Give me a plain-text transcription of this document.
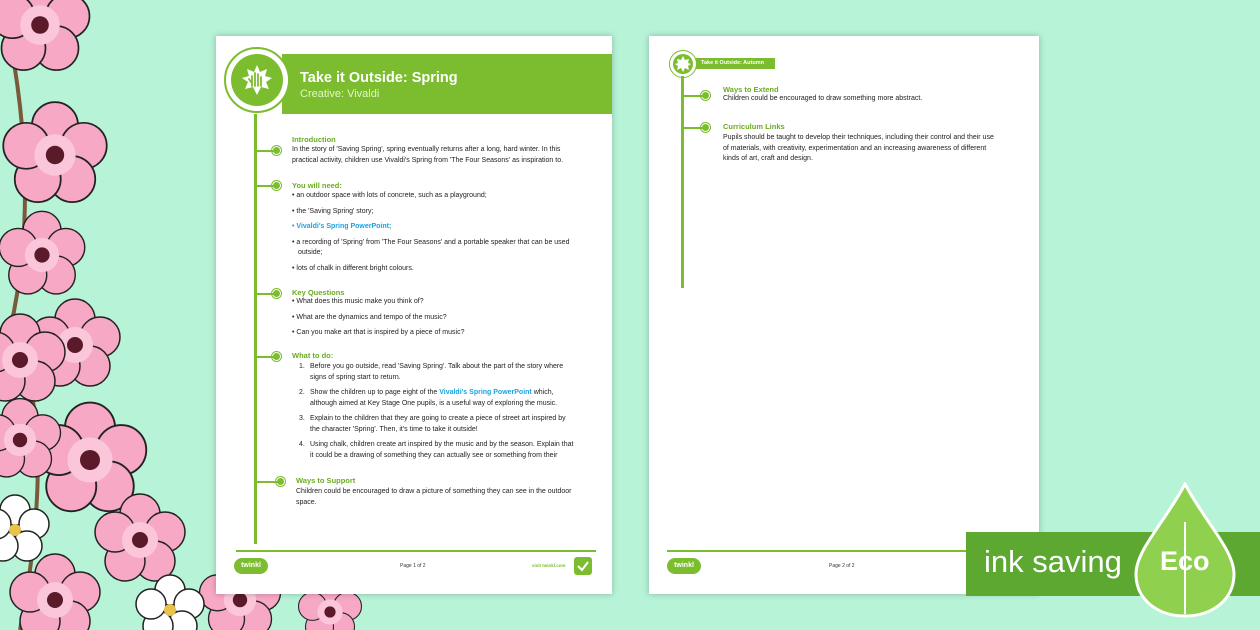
Take it Outside: Spring
Creative: Vivaldi
Introduction
In the story of 'Saving Spring', spring eventually returns after a long, hard winter. In this
practical activity, children use Vivaldi's Spring from 'The Four Seasons' as inspiration to.
You will need:
• an outdoor space with lots of concrete, such as a playground;
• the 'Saving Spring' story;
• Vivaldi's Spring PowerPoint;
• a recording of 'Spring' from 'The Four Seasons' and a portable speaker that can be used
outside;
• lots of chalk in different bright colours.
Key Questions
• What does this music make you think of?
• What are the dynamics and tempo of the music?
• Can you make art that is inspired by a piece of music?
What to do:
1. Before you go outside, read 'Saving Spring'. Talk about the part of the story where
signs of spring start to return.
2. Show the children up to page eight of the Vivaldi's Spring PowerPoint which,
although aimed at Key Stage One pupils, is a useful way of exploring the music.
3. Explain to the children that they are going to create a piece of street art inspired by
the character 'Spring'. Then, it's time to take it outside!
4. Using chalk, children create art inspired by the music and by the season. Explain that
it could be a drawing of something they can actually see or something from their
Ways to Support
Children could be encouraged to draw a picture of something they can see in the outdoor
space.
twinkl	Page 1 of 2	visit twinkl.com
Take it Outside: Autumn
Ways to Extend
Children could be encouraged to draw something more abstract.
Curriculum Links
Pupils should be taught to develop their techniques, including their control and their use
of materials, with creativity, experimentation and an increasing awareness of different
kinds of art, craft and design.
twinkl	Page 2 of 2	ink saving Eco
